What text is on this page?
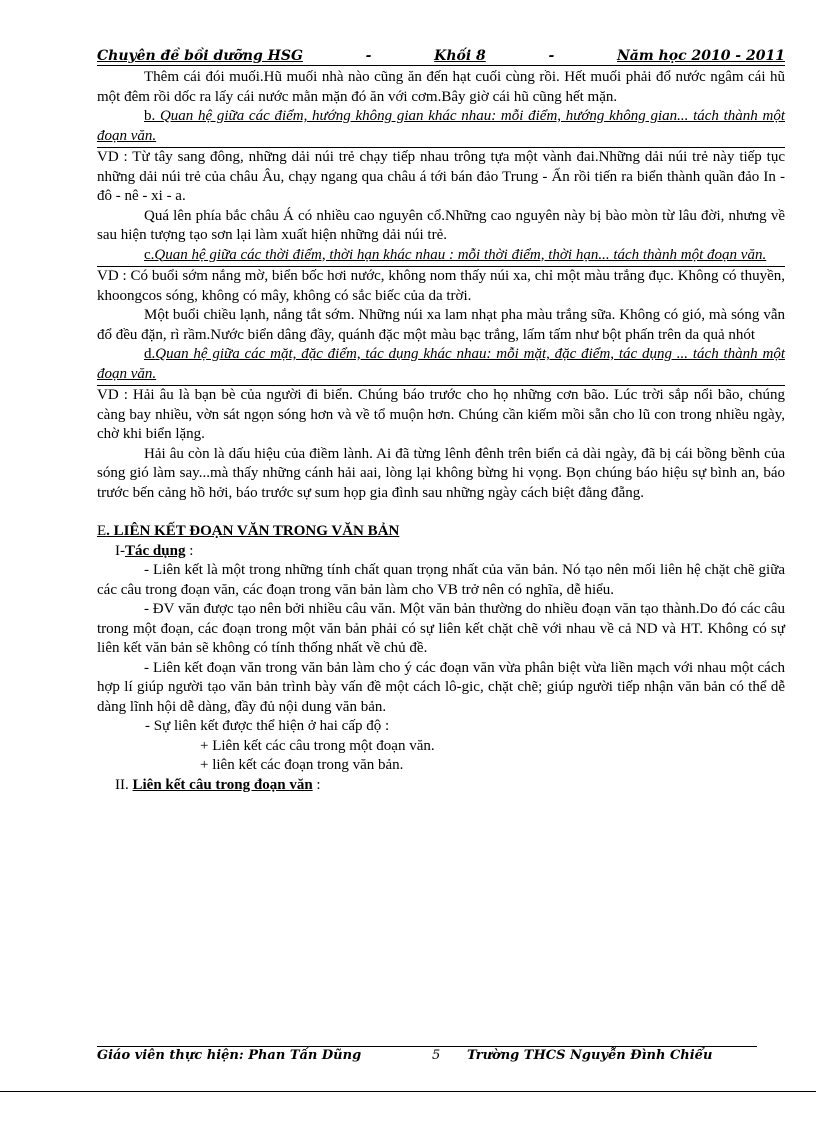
Chuyên đề bồi dưỡng HSG	-	Khối 8	-	Năm học 2010 - 2011

Thêm cái đói muối.Hũ muối nhà nào cũng ăn đến hạt cuối cùng rồi. Hết muối phải đổ nước ngâm cái hũ một đêm rồi dốc ra lấy cái nước mằn mặn đó ăn với cơm.Bây giờ cái hũ cũng hết mặn.

b. Quan hệ giữa các điểm, hướng không gian khác nhau: mỗi điểm, hướng không gian... tách thành một đoạn văn.

VD : Từ tây sang đông, những dải núi trẻ chạy tiếp nhau trông tựa một vành đai.Những dải núi trẻ này tiếp tục những dải núi trẻ của châu Âu, chạy ngang qua châu á tới bán đảo Trung - Ấn rồi tiến ra biển thành quần đảo In - đô - nê - xi - a.

Quá lên phía bắc châu Á có nhiều cao nguyên cổ.Những cao nguyên này bị bào mòn từ lâu đời, nhưng về sau hiện tượng tạo sơn lại làm xuất hiện những dải núi trẻ.

c.Quan hệ giữa các thời điểm, thời hạn khác nhau : mỗi thời điểm, thời hạn... tách thành một đoạn văn.

VD : Có buổi sớm nắng mờ, biển bốc hơi nước, không nom thấy núi xa, chỉ một màu trắng đục. Không có thuyền, khoongcos sóng, không có mây, không có sắc biếc của da trời.

Một buổi chiều lạnh, nắng tắt sớm. Những núi xa lam nhạt pha màu trắng sữa. Không có gió, mà sóng vẫn đổ đều đặn, rì rầm.Nước biển dâng đầy, quánh đặc một màu bạc trắng, lấm tấm như bột phấn trên da quả nhót

d.Quan hệ giữa các mặt, đặc điểm, tác dụng khác nhau: mỗi mặt, đặc điểm, tác dụng ... tách thành một đoạn văn.

VD : Hải âu là bạn bè của người đi biển. Chúng báo trước cho họ những cơn bão. Lúc trời sắp nổi bão, chúng càng bay nhiều, vờn sát ngọn sóng hơn và về tổ muộn hơn. Chúng cần kiếm mồi sẵn cho lũ con trong nhiều ngày, chờ khi biển lặng.

Hải âu còn là dấu hiệu của điềm lành. Ai đã từng lênh đênh trên biển cả dài ngày, đã bị cái bồng bềnh của sóng gió làm say...mà thấy những cánh hải aai, lòng lại không bừng hi vọng. Bọn chúng báo hiệu sự bình an, báo trước bến cảng hồ hởi, báo trước sự sum họp gia đình sau những ngày cách biệt đằng đẵng.

E. LIÊN KẾT ĐOẠN VĂN TRONG VĂN BẢN

I-Tác dụng :

- Liên kết là một trong những tính chất quan trọng nhất của văn bản. Nó tạo nên mối liên hệ chặt chẽ giữa các câu trong đoạn văn, các đoạn trong văn bản làm cho VB trở nên có nghĩa, dễ hiểu.

- ĐV văn được tạo nên bởi nhiều câu văn. Một văn bản thường do nhiều đoạn văn tạo thành.Do đó các câu trong một đoạn, các đoạn trong một văn bản phải có sự liên kết chặt chẽ với nhau về cả ND và HT. Không có sự liên kết văn bản sẽ không có tính thống nhất về chủ đề.

- Liên kết đoạn văn trong văn bản làm cho ý các đoạn văn vừa phân biệt vừa liền mạch với nhau một cách hợp lí giúp người tạo văn bản trình bày vấn đề một cách lô-gic, chặt chẽ; giúp người tiếp nhận văn bản có thể dễ dàng lĩnh hội dễ dàng, đầy đủ nội dung văn bản.

- Sự liên kết được thể hiện ở hai cấp độ :

+ Liên kết các câu trong một đoạn văn.

+ liên kết các đoạn trong văn bản.

II. Liên kết câu trong đoạn văn :

Giáo viên thực hiện: Phan Tấn Dũng	5	Trường THCS Nguyễn Đình Chiểu
